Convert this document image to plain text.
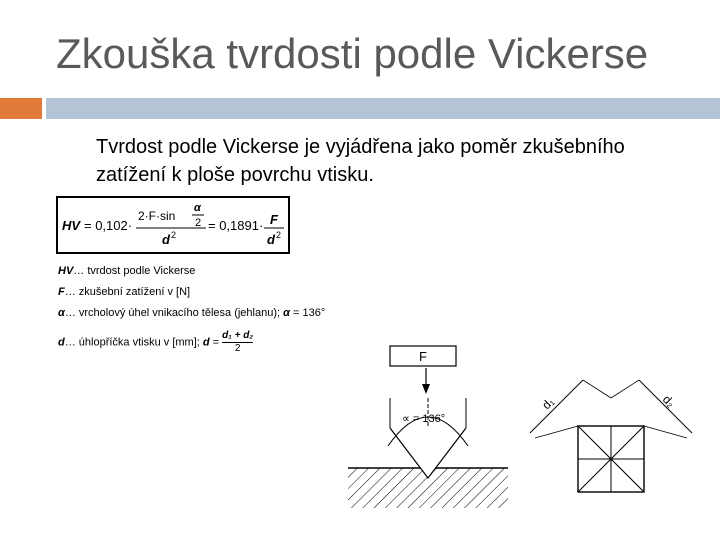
Zkouška tvrdosti podle Vickerse
Tvrdost podle Vickerse je vyjádřena jako poměr zkušebního zatížení k ploše povrchu vtisku.
HV = 0,102·
2·F·sin
α
2
d 2
= 0,1891· F
d 2
HV… tvrdost podle Vickerse
F… zkušební zatížení v [N]
α… vrcholový úhel vnikacího tělesa (jehlanu); α = 136°
d… úhlopříčka vtisku v [mm]; $d = \frac{\text{d₁ + d₂}}{2}$
F
∝ = 136°
d₁	d₂
